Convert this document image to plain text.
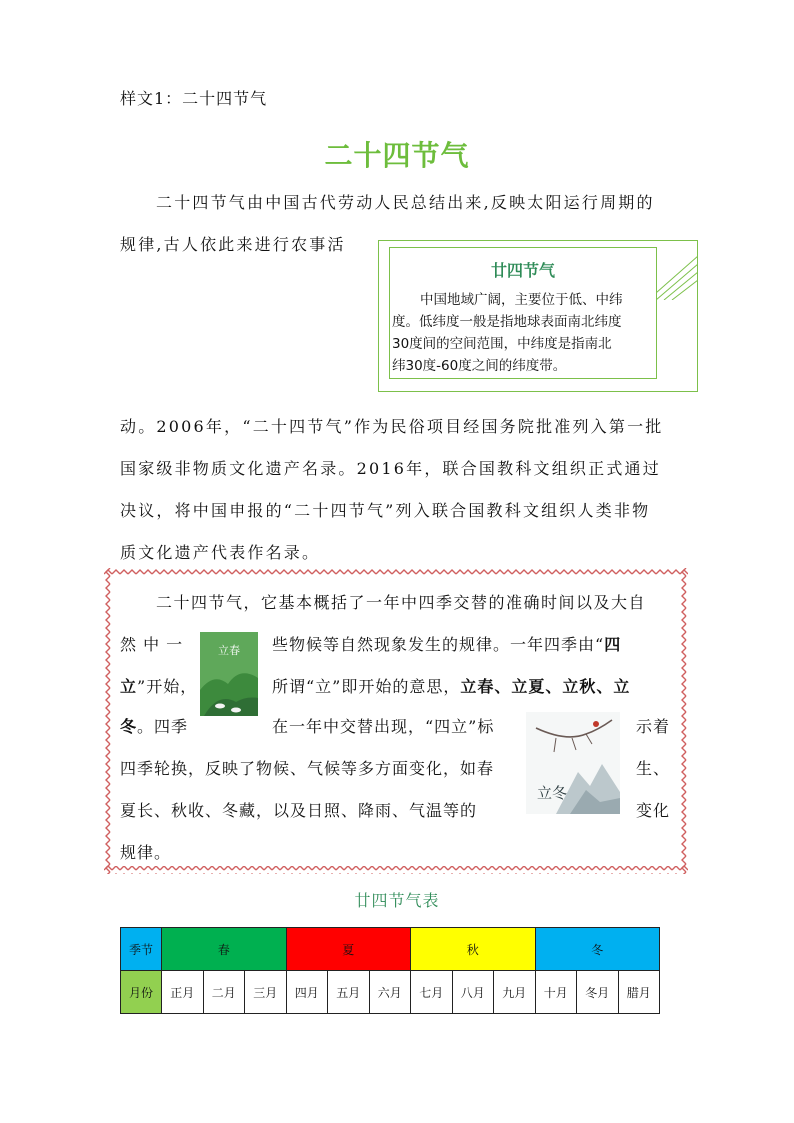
样文1：二十四节气
二十四节气
二十四节气由中国古代劳动人民总结出来,反映太阳运行周期的
规律,古人依此来进行农事活
廿四节气
中国地域广阔，主要位于低、中纬
度。低纬度一般是指地球表面南北纬度
30度间的空间范围，中纬度是指南北
纬30度-60度之间的纬度带。
动。2006年，“二十四节气”作为民俗项目经国务院批准列入第一批
国家级非物质文化遗产名录。2016年，联合国教科文组织正式通过
决议，将中国申报的“二十四节气”列入联合国教科文组织人类非物
质文化遗产代表作名录。
二十四节气，它基本概括了一年中四季交替的准确时间以及大自
然 中 一	些物候等自然现象发生的规律。一年四季由“四
立”开始，	所谓“立”即开始的意思，立春、立夏、立秋、立
冬。四季	在一年中交替出现，“四立”标	示着
四季轮换，反映了物候、气候等多方面变化，如春	生、
夏长、秋收、冬藏，以及日照、降雨、气温等的	变化
规律。
立春
立冬
廿四节气表
季节	春			夏			秋			冬		
月份	正月	二月	三月	四月	五月	六月	七月	八月	九月	十月	冬月	腊月
